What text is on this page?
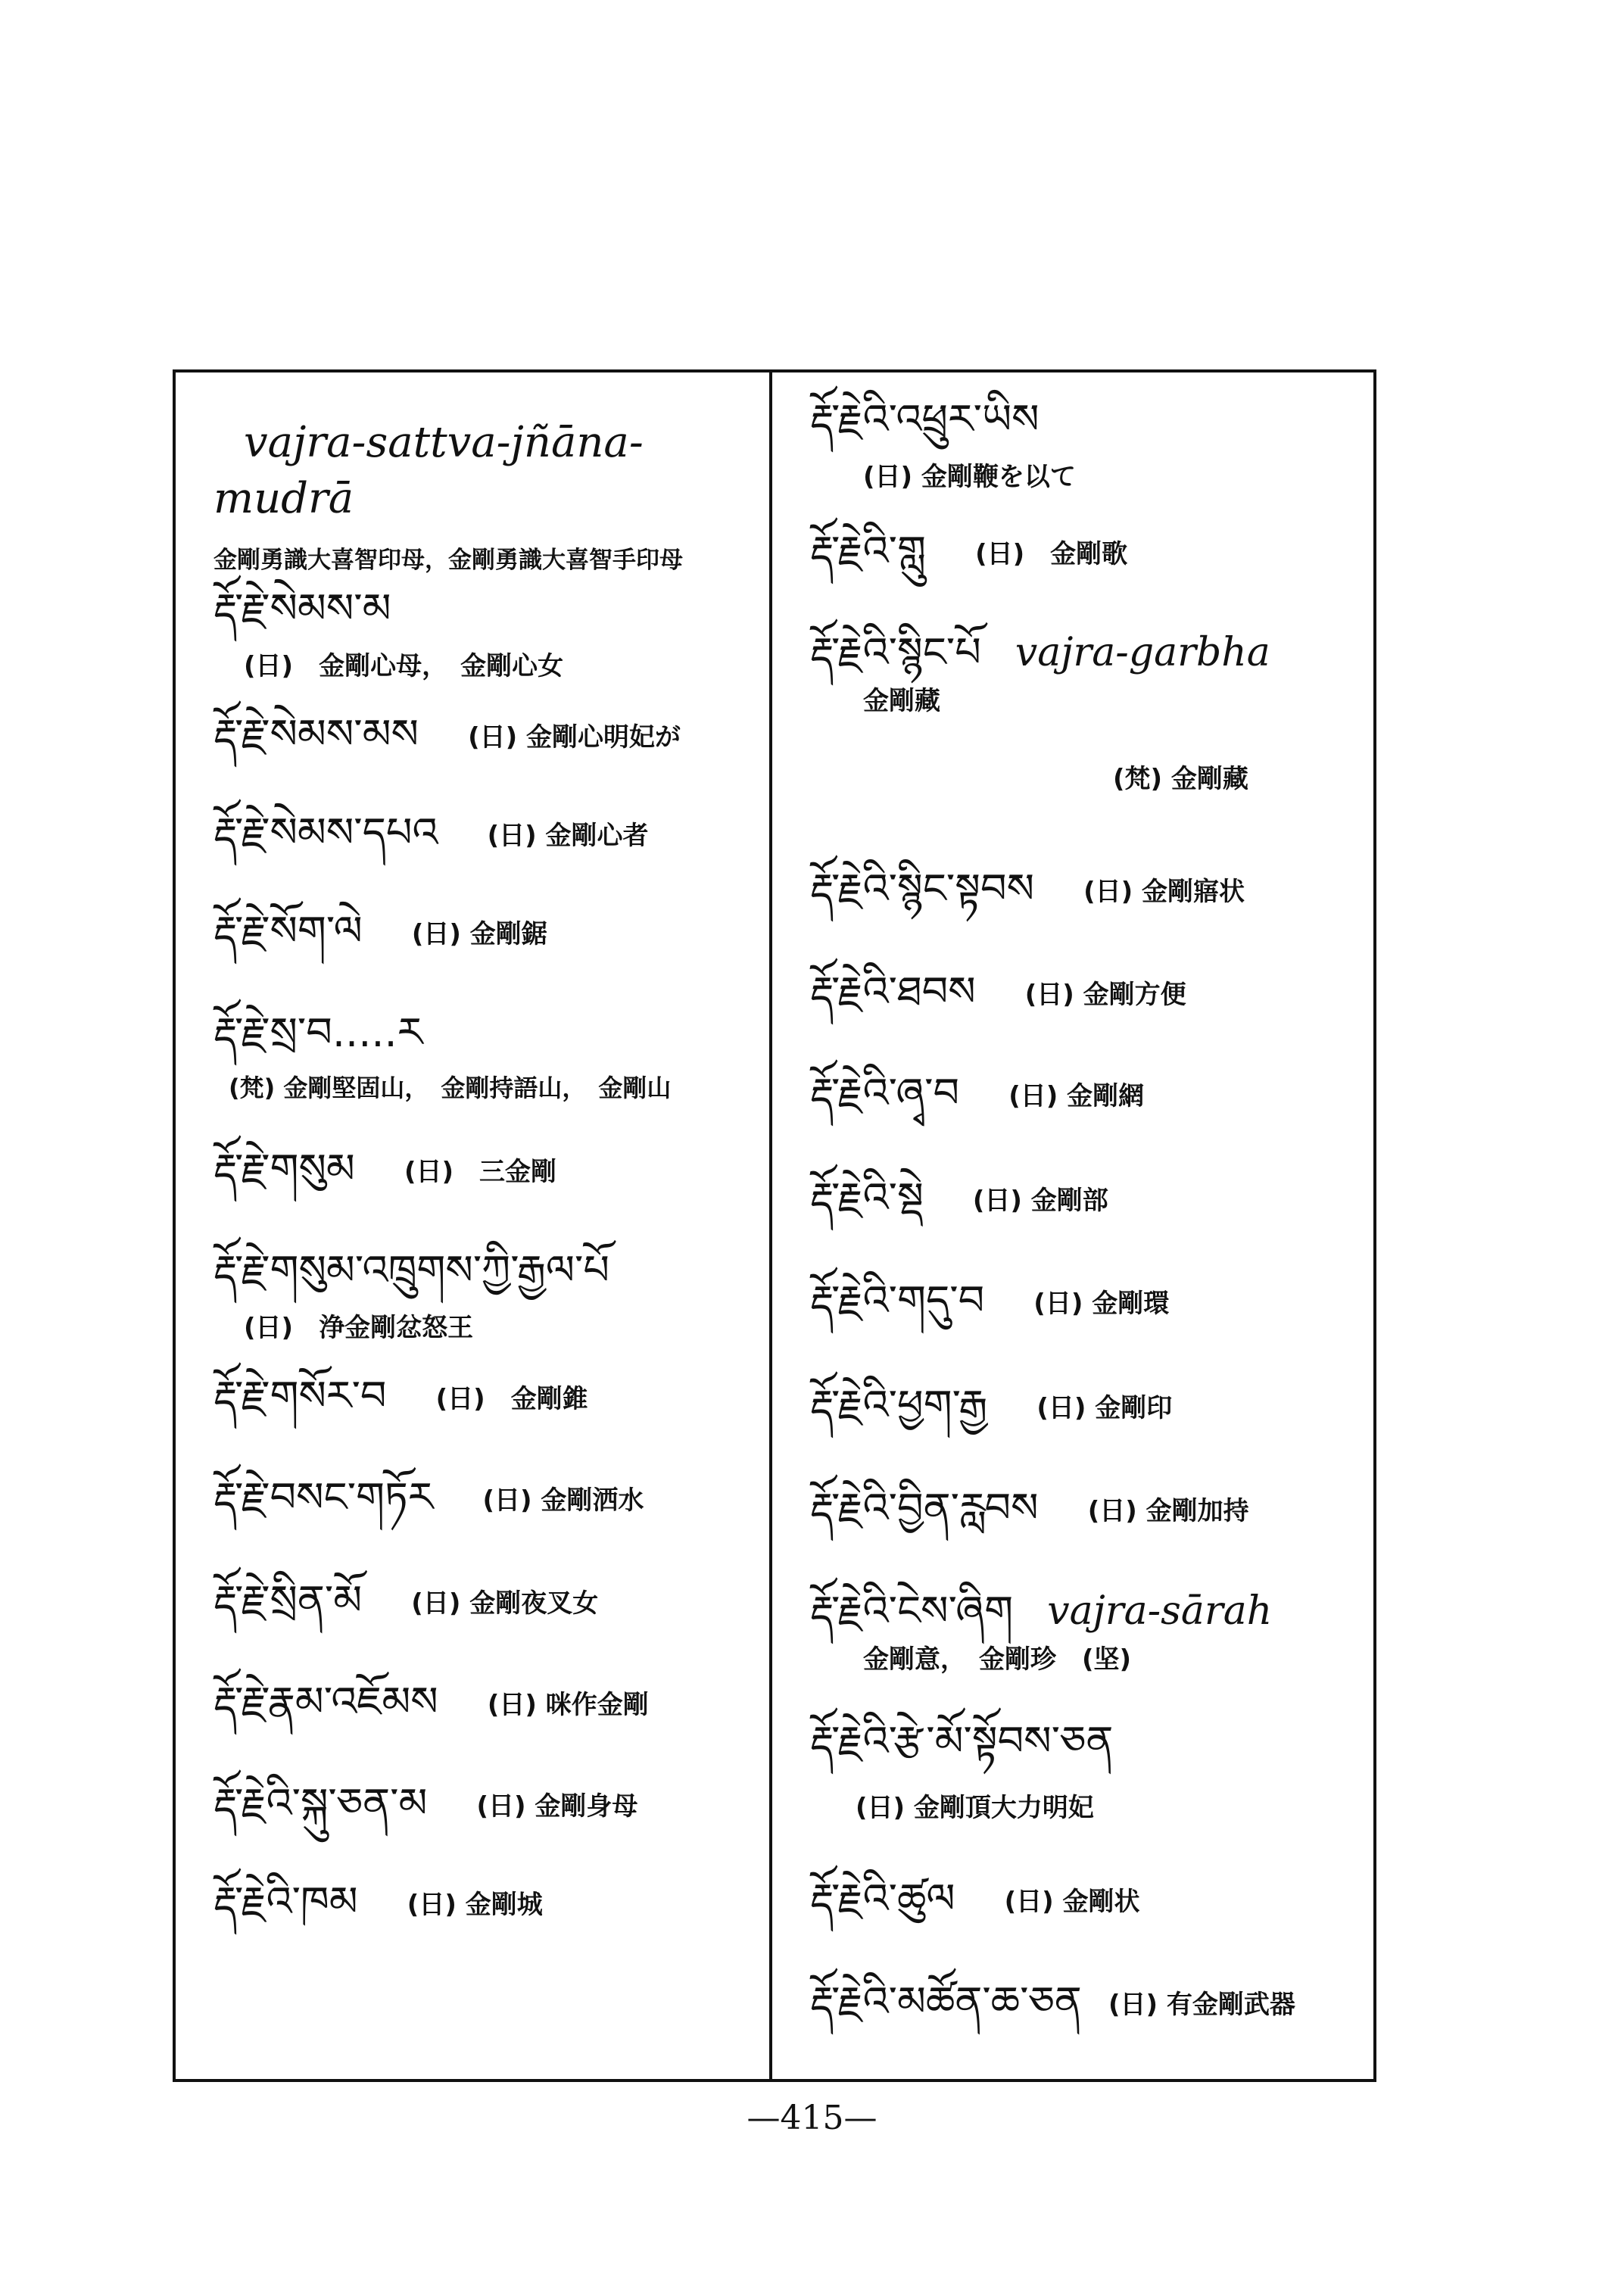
vajra-sattva-jñāna-
mudrā
金剛勇識大喜智印母，金剛勇識大喜智手印母
རྡོ་རྗེ་སེམས་མ
(日)　金剛心母，　金剛心女
རྡོ་རྗེ་སེམས་མས (日) 金剛心明妃が
རྡོ་རྗེ་སེམས་དཔའ (日) 金剛心者
རྡོ་རྗེ་སོག་ལེ (日) 金剛鋸
རྡོ་རྗེ་སྲ་བ.....ར
(梵) 金剛堅固山，　金剛持語山，　金剛山
རྡོ་རྗེ་གསུམ (日)　三金剛
རྡོ་རྗེ་གསུམ་འཁྲུགས་ཀྱི་རྒྱལ་པོ
(日)　浄金剛忿怒王
རྡོ་རྗེ་གསོར་བ (日)　金剛錐
རྡོ་རྗེ་བསང་གཏོར (日) 金剛洒水
རྡོ་རྗེ་སྲིན་མོ (日) 金剛夜叉女
རྡོ་རྗེ་རྣམ་འཇོམས (日) 咪作金剛
རྡོ་རྗེའི་སྐུ་ཅན་མ (日) 金剛身母
རྡོ་རྗེའི་ཁམ (日) 金剛城
རྡོ་རྗེའི་འཕྲུར་ཡིས
(日) 金剛鞭を以て
རྡོ་རྗེའི་གླུ (日)　金剛歌
རྡོ་རྗེའི་སྙིང་པོ vajra-garbha
金剛藏
(梵) 金剛藏
རྡོ་རྗེའི་སྙིང་སྟབས (日) 金剛寤状
རྡོ་རྗེའི་ཐབས (日) 金剛方便
རྡོ་རྗེའི་ཞྭ་བ (日) 金剛網
རྡོ་རྗེའི་སྡེ (日) 金剛部
རྡོ་རྗེའི་གདུ་བ (日) 金剛環
རྡོ་རྗེའི་ཕྱག་རྒྱ (日) 金剛印
རྡོ་རྗེའི་བྱིན་རླབས (日) 金剛加持
རྡོ་རྗེའི་ངེས་ཞིག vajra-sārah
金剛意，　金剛珍　(坚)
རྡོ་རྗེའི་རྩེ་མོ་སྟོབས་ཅན
(日) 金剛頂大力明妃
རྡོ་རྗེའི་ཚུལ (日) 金剛状
རྡོ་རྗེའི་མཚོན་ཆ་ཅན (日) 有金剛武器
—415—
